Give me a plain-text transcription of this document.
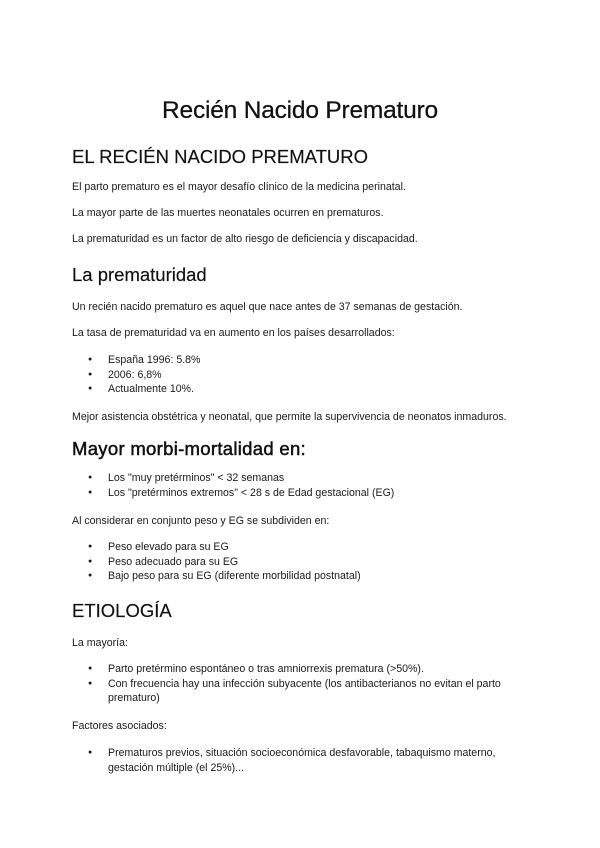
Recién Nacido Prematuro
EL RECIÉN NACIDO PREMATURO

El parto prematuro es el mayor desafío clínico de la medicina perinatal.

La mayor parte de las muertes neonatales ocurren en prematuros.

La prematuridad es un factor de alto riesgo de deficiencia y discapacidad.

La prematuridad

Un recién nacido prematuro es aquel que nace antes de 37 semanas de gestación.

La tasa de prematuridad va en aumento en los países desarrollados:

● España 1996: 5.8%
● 2006: 6,8%
● Actualmente 10%.

Mejor asistencia obstétrica y neonatal, que permite la supervivencia de neonatos inmaduros.

Mayor morbi-mortalidad en:
● Los "muy pretérminos" < 32 semanas
● Los "pretérminos extremos" < 28 s de Edad gestacional (EG)

Al considerar en conjunto peso y EG se subdividen en:

● Peso elevado para su EG
● Peso adecuado para su EG
● Bajo peso para su EG (diferente morbilidad postnatal)
ETIOLOGÍA

La mayoría:

● Parto pretérmino espontáneo o tras amniorrexis prematura (>50%).
● Con frecuencia hay una infección subyacente (los antibacterianos no evitan el parto prematuro)

Factores asociados:

● Prematuros previos, situación socioeconómica desfavorable, tabaquismo materno, gestación múltiple (el 25%)...
